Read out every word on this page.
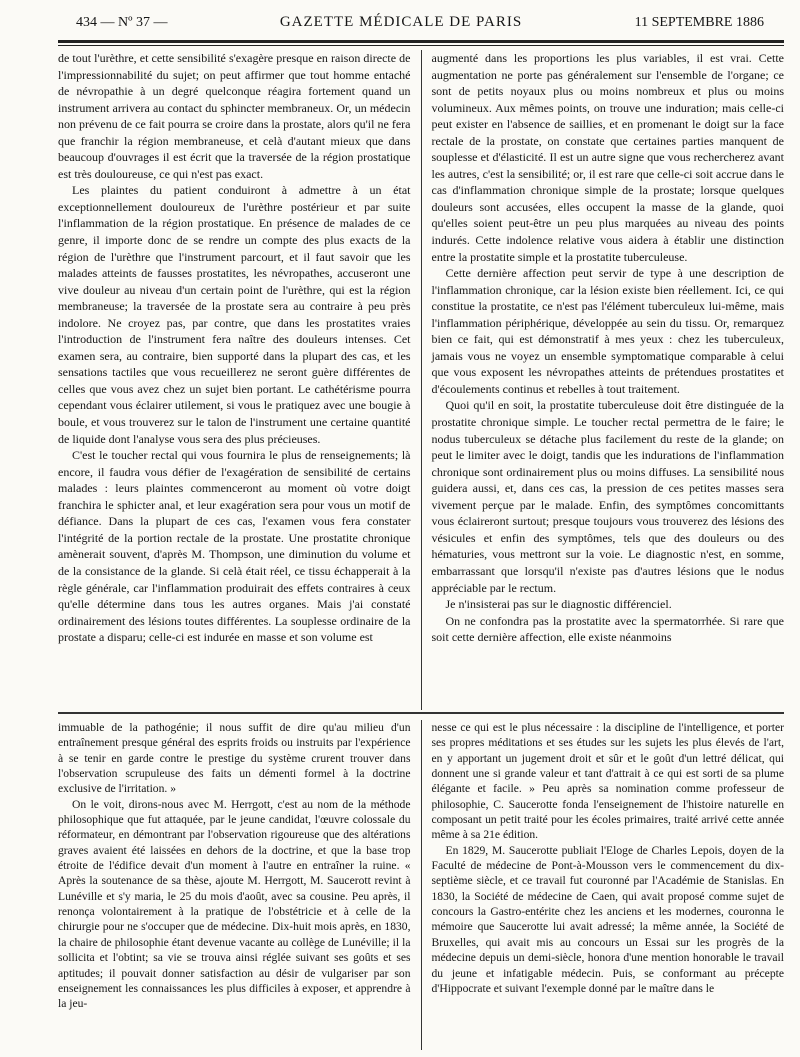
434 — Nº 37 —	GAZETTE MÉDICALE DE PARIS	11 SEPTEMBRE 1886

de tout l'urèthre, et cette sensibilité s'exagère presque en raison directe de l'impressionnabilité du sujet; on peut affirmer que tout homme entaché de névropathie à un degré quelconque réagira fortement quand un instrument arrivera au contact du sphincter membraneux. Or, un médecin non prévenu de ce fait pourra se croire dans la prostate, alors qu'il ne fera que franchir la région membraneuse, et celà d'autant mieux que dans beaucoup d'ouvrages il est écrit que la traversée de la région prostatique est très douloureuse, ce qui n'est pas exact.

Les plaintes du patient conduiront à admettre à un état exceptionnellement douloureux de l'urèthre postérieur et par suite l'inflammation de la région prostatique. En présence de malades de ce genre, il importe donc de se rendre un compte des plus exacts de la région de l'urèthre que l'instrument parcourt, et il faut savoir que les malades atteints de fausses prostatites, les névropathes, accuseront une vive douleur au niveau d'un certain point de l'urèthre, qui est la région membraneuse; la traversée de la prostate sera au contraire à peu près indolore. Ne croyez pas, par contre, que dans les prostatites vraies l'introduction de l'instrument fera naître des douleurs intenses. Cet examen sera, au contraire, bien supporté dans la plupart des cas, et les sensations tactiles que vous recueillerez ne seront guère différentes de celles que vous avez chez un sujet bien portant. Le cathétérisme pourra cependant vous éclairer utilement, si vous le pratiquez avec une bougie à boule, et vous trouverez sur le talon de l'instrument une certaine quantité de liquide dont l'analyse vous sera des plus précieuses.

C'est le toucher rectal qui vous fournira le plus de renseignements; là encore, il faudra vous défier de l'exagération de sensibilité de certains malades : leurs plaintes commenceront au moment où votre doigt franchira le sphicter anal, et leur exagération sera pour vous un motif de défiance. Dans la plupart de ces cas, l'examen vous fera constater l'intégrité de la portion rectale de la prostate. Une prostatite chronique amènerait souvent, d'après M. Thompson, une diminution du volume et de la consistance de la glande. Si celà était réel, ce tissu échapperait à la règle générale, car l'inflammation produirait des effets contraires à ceux qu'elle détermine dans tous les autres organes. Mais j'ai constaté ordinairement des lésions toutes différentes. La souplesse ordinaire de la prostate a disparu; celle-ci est indurée en masse et son volume est

augmenté dans les proportions les plus variables, il est vrai. Cette augmentation ne porte pas généralement sur l'ensemble de l'organe; ce sont de petits noyaux plus ou moins nombreux et plus ou moins volumineux. Aux mêmes points, on trouve une induration; mais celle-ci peut exister en l'absence de saillies, et en promenant le doigt sur la face rectale de la prostate, on constate que certaines parties manquent de souplesse et d'élasticité. Il est un autre signe que vous rechercherez avant les autres, c'est la sensibilité; or, il est rare que celle-ci soit accrue dans le cas d'inflammation chronique simple de la prostate; lorsque quelques douleurs sont accusées, elles occupent la masse de la glande, quoi qu'elles soient peut-être un peu plus marquées au niveau des points indurés. Cette indolence relative vous aidera à établir une distinction entre la prostatite simple et la prostatite tuberculeuse.

Cette dernière affection peut servir de type à une description de l'inflammation chronique, car la lésion existe bien réellement. Ici, ce qui constitue la prostatite, ce n'est pas l'élément tuberculeux lui-même, mais l'inflammation périphérique, développée au sein du tissu. Or, remarquez bien ce fait, qui est démonstratif à mes yeux : chez les tuberculeux, jamais vous ne voyez un ensemble symptomatique comparable à celui que vous exposent les névropathes atteints de prétendues prostatites et d'écoulements continus et rebelles à tout traitement.

Quoi qu'il en soit, la prostatite tuberculeuse doit être distinguée de la prostatite chronique simple. Le toucher rectal permettra de le faire; le nodus tuberculeux se détache plus facilement du reste de la glande; on peut le limiter avec le doigt, tandis que les indurations de l'inflammation chronique sont ordinairement plus ou moins diffuses. La sensibilité nous guidera aussi, et, dans ces cas, la pression de ces petites masses sera vivement perçue par le malade. Enfin, des symptômes concomittants vous éclaireront surtout; presque toujours vous trouverez des lésions des vésicules et enfin des symptômes, tels que des douleurs ou des hématuries, vous mettront sur la voie. Le diagnostic n'est, en somme, embarrassant que lorsqu'il n'existe pas d'autres lésions que le nodus appréciable par le rectum.

Je n'insisterai pas sur le diagnostic différenciel.

On ne confondra pas la prostatite avec la spermatorrhée. Si rare que soit cette dernière affection, elle existe néanmoins

immuable de la pathogénie; il nous suffit de dire qu'au milieu d'un entraînement presque général des esprits froids ou instruits par l'expérience à se tenir en garde contre le prestige du système crurent trouver dans l'observation scrupuleuse des faits un démenti formel à la doctrine exclusive de l'irritation. »

On le voit, dirons-nous avec M. Herrgott, c'est au nom de la méthode philosophique que fut attaquée, par le jeune candidat, l'œuvre colossale du réformateur, en démontrant par l'observation rigoureuse que des altérations graves avaient été laissées en dehors de la doctrine, et que la base trop étroite de l'édifice devait d'un moment à l'autre en entraîner la ruine. « Après la soutenance de sa thèse, ajoute M. Herrgott, M. Saucerott revint à Lunéville et s'y maria, le 25 du mois d'août, avec sa cousine. Peu après, il renonça volontairement à la pratique de l'obstétricie et à celle de la chirurgie pour ne s'occuper que de médecine. Dix-huit mois après, en 1830, la chaire de philosophie étant devenue vacante au collège de Lunéville; il la sollicita et l'obtint; sa vie se trouva ainsi réglée suivant ses goûts et ses aptitudes; il pouvait donner satisfaction au désir de vulgariser par son enseignement les connaissances les plus difficiles à exposer, et apprendre à la jeu-

nesse ce qui est le plus nécessaire : la discipline de l'intelligence, et porter ses propres méditations et ses études sur les sujets les plus élevés de l'art, en y apportant un jugement droit et sûr et le goût d'un lettré délicat, qui donnent une si grande valeur et tant d'attrait à ce qui est sorti de sa plume élégante et facile. » Peu après sa nomination comme professeur de philosophie, C. Saucerotte fonda l'enseignement de l'histoire naturelle en composant un petit traité pour les écoles primaires, traité arrivé cette année même à sa 21e édition.

En 1829, M. Saucerotte publiait l'Eloge de Charles Lepois, doyen de la Faculté de médecine de Pont-à-Mousson vers le commencement du dix-septième siècle, et ce travail fut couronné par l'Académie de Stanislas. En 1830, la Société de médecine de Caen, qui avait proposé comme sujet de concours la Gastro-entérite chez les anciens et les modernes, couronna le mémoire que Saucerotte lui avait adressé; la même année, la Société de Bruxelles, qui avait mis au concours un Essai sur les progrès de la médecine depuis un demi-siècle, honora d'une mention honorable le travail du jeune et infatigable médecin. Puis, se conformant au précepte d'Hippocrate et suivant l'exemple donné par le maître dans le
